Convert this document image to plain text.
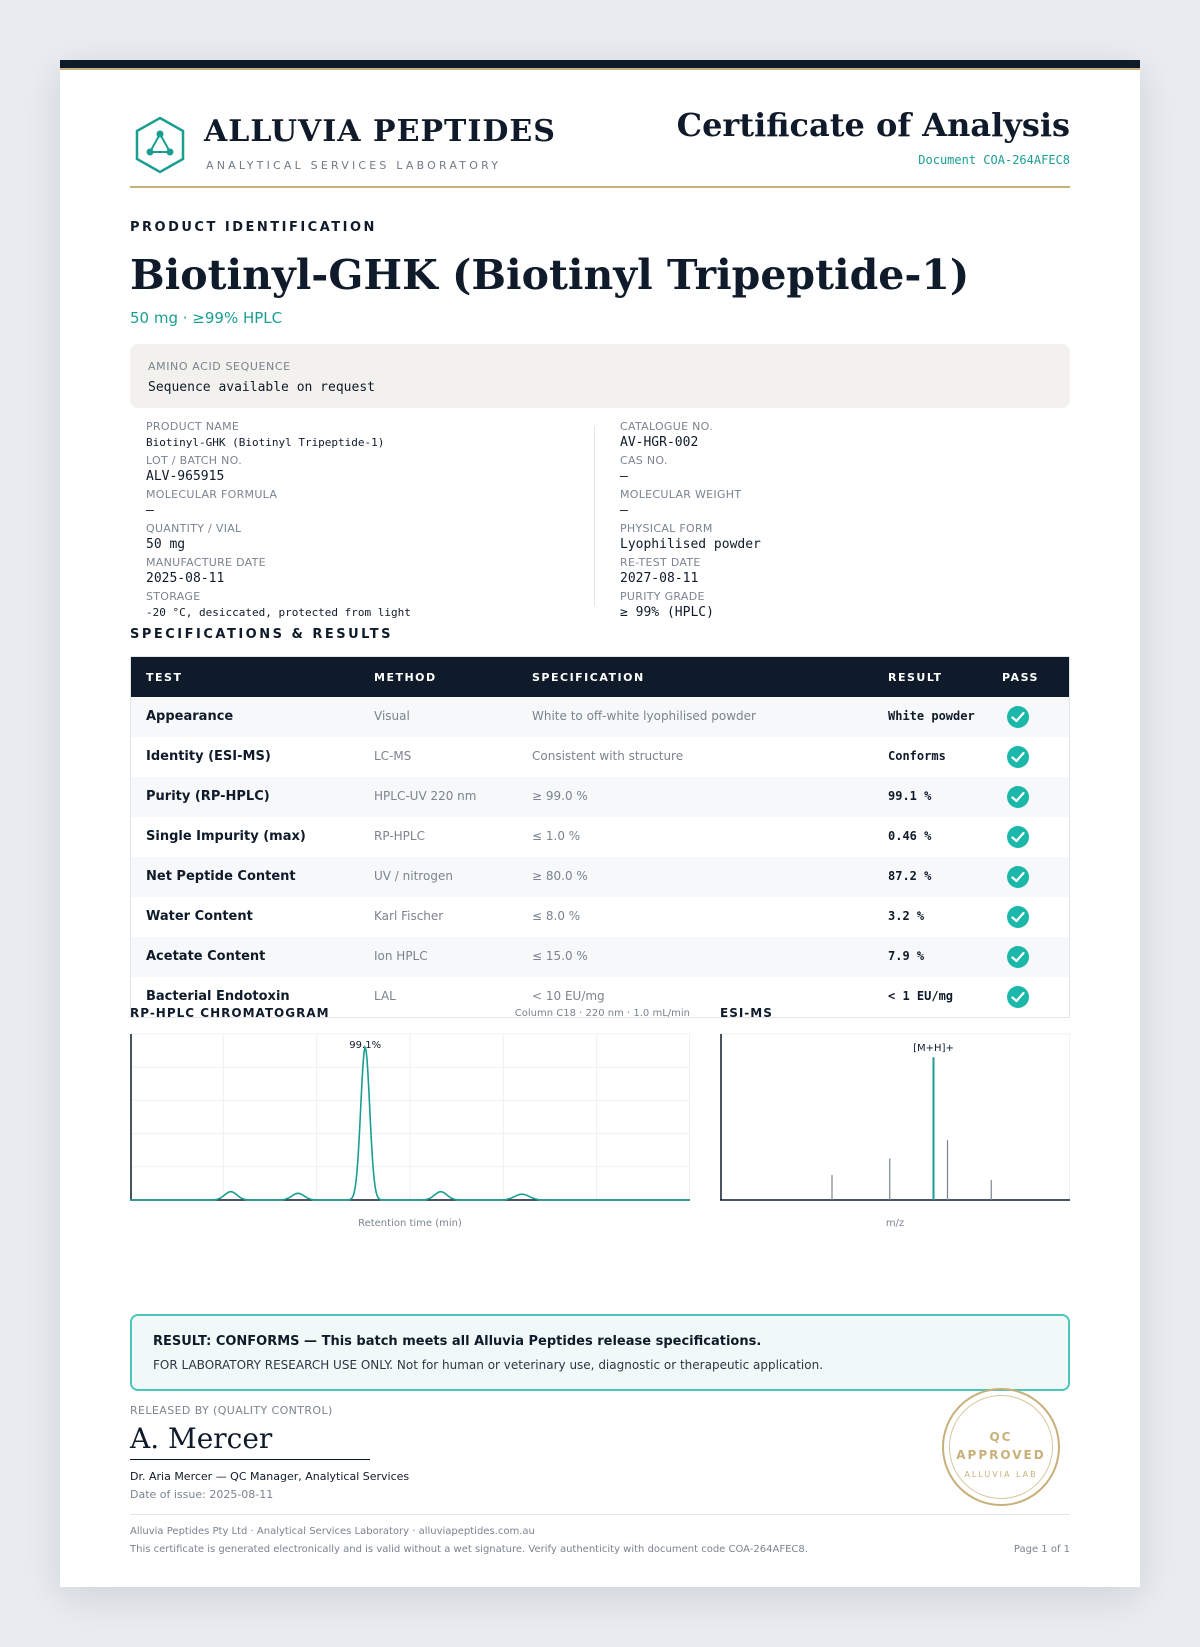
ALLUVIA PEPTIDES
ANALYTICAL SERVICES LABORATORY
Certificate of Analysis
Document COA-264AFEC8
PRODUCT IDENTIFICATION
Biotinyl-GHK (Biotinyl Tripeptide-1)
50 mg · ≥99% HPLC
AMINO ACID SEQUENCE
Sequence available on request
PRODUCT NAME
Biotinyl-GHK (Biotinyl Tripeptide-1)
LOT / BATCH NO.
ALV-965915
MOLECULAR FORMULA
—
QUANTITY / VIAL
50 mg
MANUFACTURE DATE
2025-08-11
STORAGE
-20 °C, desiccated, protected from light
CATALOGUE NO.
AV-HGR-002
CAS NO.
—
MOLECULAR WEIGHT
—
PHYSICAL FORM
Lyophilised powder
RE-TEST DATE
2027-08-11
PURITY GRADE
≥ 99% (HPLC)
SPECIFICATIONS & RESULTS
TEST	METHOD	SPECIFICATION	RESULT	PASS
Appearance	Visual	White to off-white lyophilised powder	White powder
Identity (ESI-MS)	LC-MS	Consistent with structure	Conforms
Purity (RP-HPLC)	HPLC-UV 220 nm	≥ 99.0 %	99.1 %
Single Impurity (max)	RP-HPLC	≤ 1.0 %	0.46 %
Net Peptide Content	UV / nitrogen	≥ 80.0 %	87.2 %
Water Content	Karl Fischer	≤ 8.0 %	3.2 %
Acetate Content	Ion HPLC	≤ 15.0 %	7.9 %
Bacterial Endotoxin	LAL	< 10 EU/mg	< 1 EU/mg
RP-HPLC CHROMATOGRAM	Column C18 · 220 nm · 1.0 mL/min
99.1%
Retention time (min)
ESI-MS
[M+H]+
m/z
RESULT: CONFORMS — This batch meets all Alluvia Peptides release specifications.
FOR LABORATORY RESEARCH USE ONLY. Not for human or veterinary use, diagnostic or therapeutic application.
RELEASED BY (QUALITY CONTROL)
A. Mercer
Dr. Aria Mercer — QC Manager, Analytical Services
Date of issue: 2025-08-11
QC
APPROVED
ALLUVIA LAB
Alluvia Peptides Pty Ltd · Analytical Services Laboratory · alluviapeptides.com.au
This certificate is generated electronically and is valid without a wet signature. Verify authenticity with document code COA-264AFEC8.	Page 1 of 1
